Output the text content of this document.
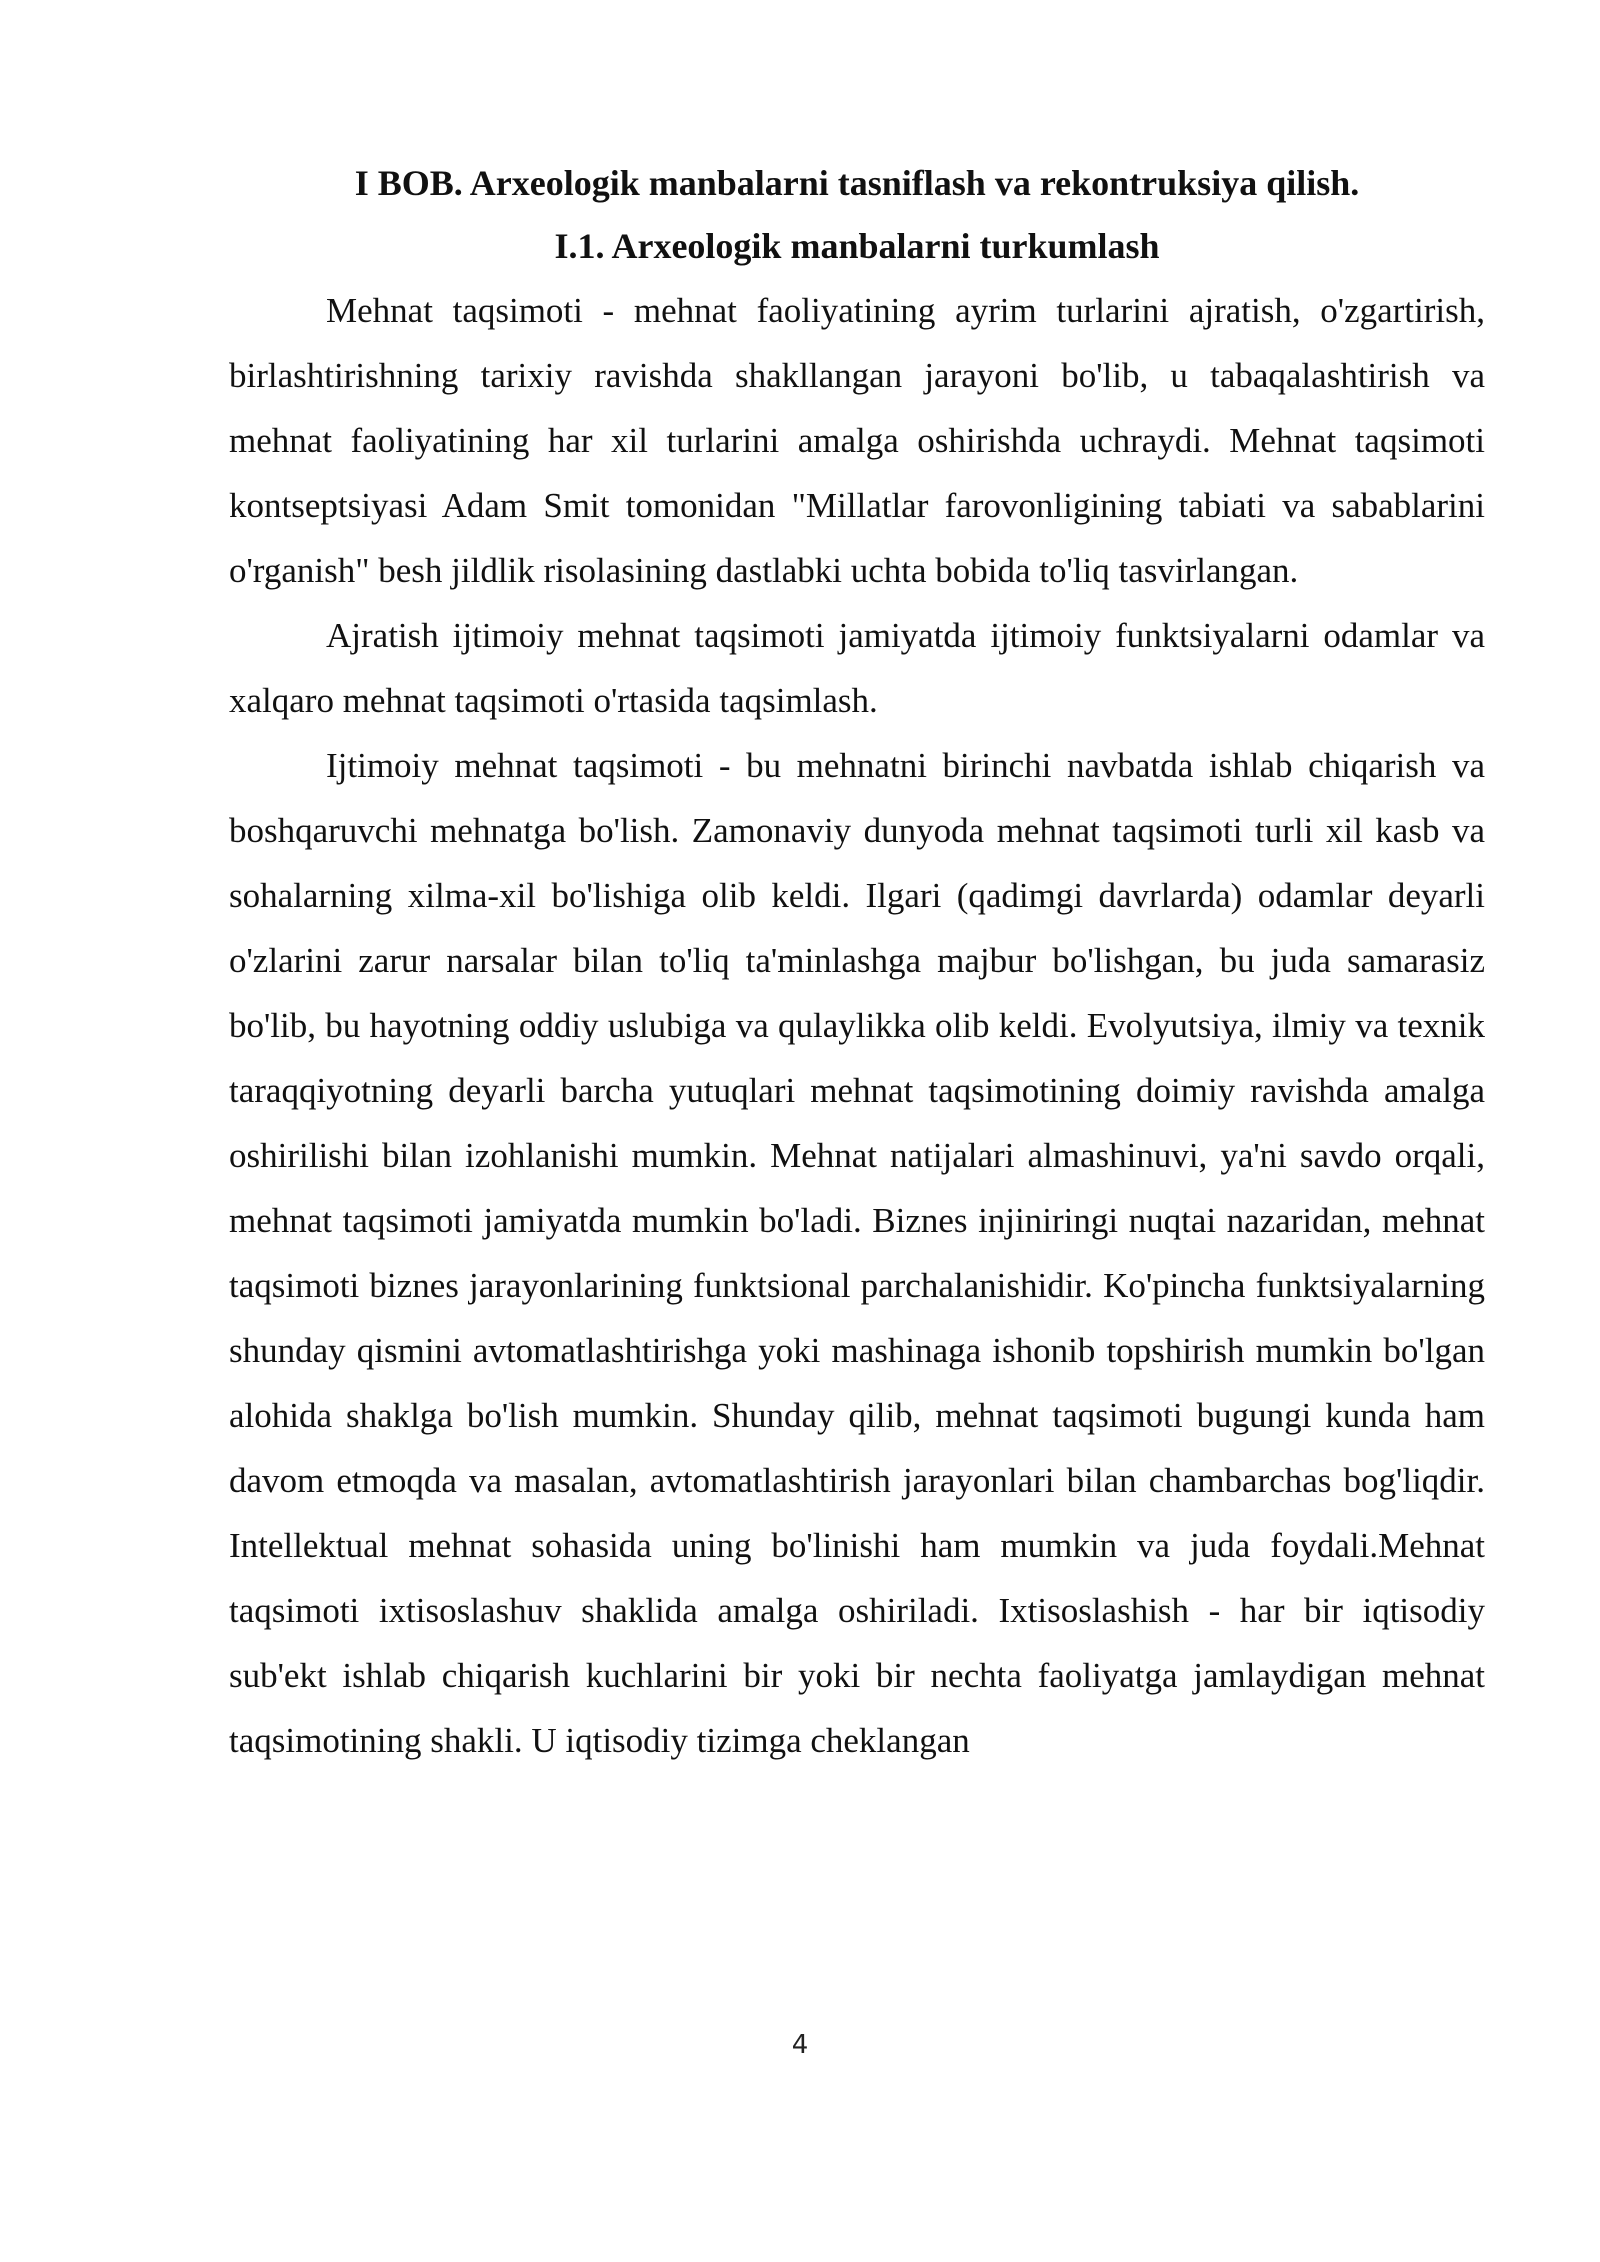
I BOB. Arxeologik manbalarni tasniflash va rekontruksiya qilish.
I.1. Arxeologik manbalarni turkumlash

Mehnat taqsimoti - mehnat faoliyatining ayrim turlarini ajratish, o'zgartirish, birlashtirishning tarixiy ravishda shakllangan jarayoni bo'lib, u tabaqalashtirish va mehnat faoliyatining har xil turlarini amalga oshirishda uchraydi. Mehnat taqsimoti kontseptsiyasi Adam Smit tomonidan "Millatlar farovonligining tabiati va sabablarini o'rganish" besh jildlik risolasining dastlabki uchta bobida to'liq tasvirlangan.

Ajratish ijtimoiy mehnat taqsimoti jamiyatda ijtimoiy funktsiyalarni odamlar va xalqaro mehnat taqsimoti o'rtasida taqsimlash.

Ijtimoiy mehnat taqsimoti - bu mehnatni birinchi navbatda ishlab chiqarish va boshqaruvchi mehnatga bo'lish. Zamonaviy dunyoda mehnat taqsimoti turli xil kasb va sohalarning xilma-xil bo'lishiga olib keldi. Ilgari (qadimgi davrlarda) odamlar deyarli o'zlarini zarur narsalar bilan to'liq ta'minlashga majbur bo'lishgan, bu juda samarasiz bo'lib, bu hayotning oddiy uslubiga va qulaylikka olib keldi. Evolyutsiya, ilmiy va texnik taraqqiyotning deyarli barcha yutuqlari mehnat taqsimotining doimiy ravishda amalga oshirilishi bilan izohlanishi mumkin. Mehnat natijalari almashinuvi, ya'ni savdo orqali, mehnat taqsimoti jamiyatda mumkin bo'ladi. Biznes injiniringi nuqtai nazaridan, mehnat taqsimoti biznes jarayonlarining funktsional parchalanishidir. Ko'pincha funktsiyalarning shunday qismini avtomatlashtirishga yoki mashinaga ishonib topshirish mumkin bo'lgan alohida shaklga bo'lish mumkin. Shunday qilib, mehnat taqsimoti bugungi kunda ham davom etmoqda va masalan, avtomatlashtirish jarayonlari bilan chambarchas bog'liqdir. Intellektual mehnat sohasida uning bo'linishi ham mumkin va juda foydali.Mehnat taqsimoti ixtisoslashuv shaklida amalga oshiriladi. Ixtisoslashish - har bir iqtisodiy sub'ekt ishlab chiqarish kuchlarini bir yoki bir nechta faoliyatga jamlaydigan mehnat taqsimotining shakli. U iqtisodiy tizimga cheklangan

4
